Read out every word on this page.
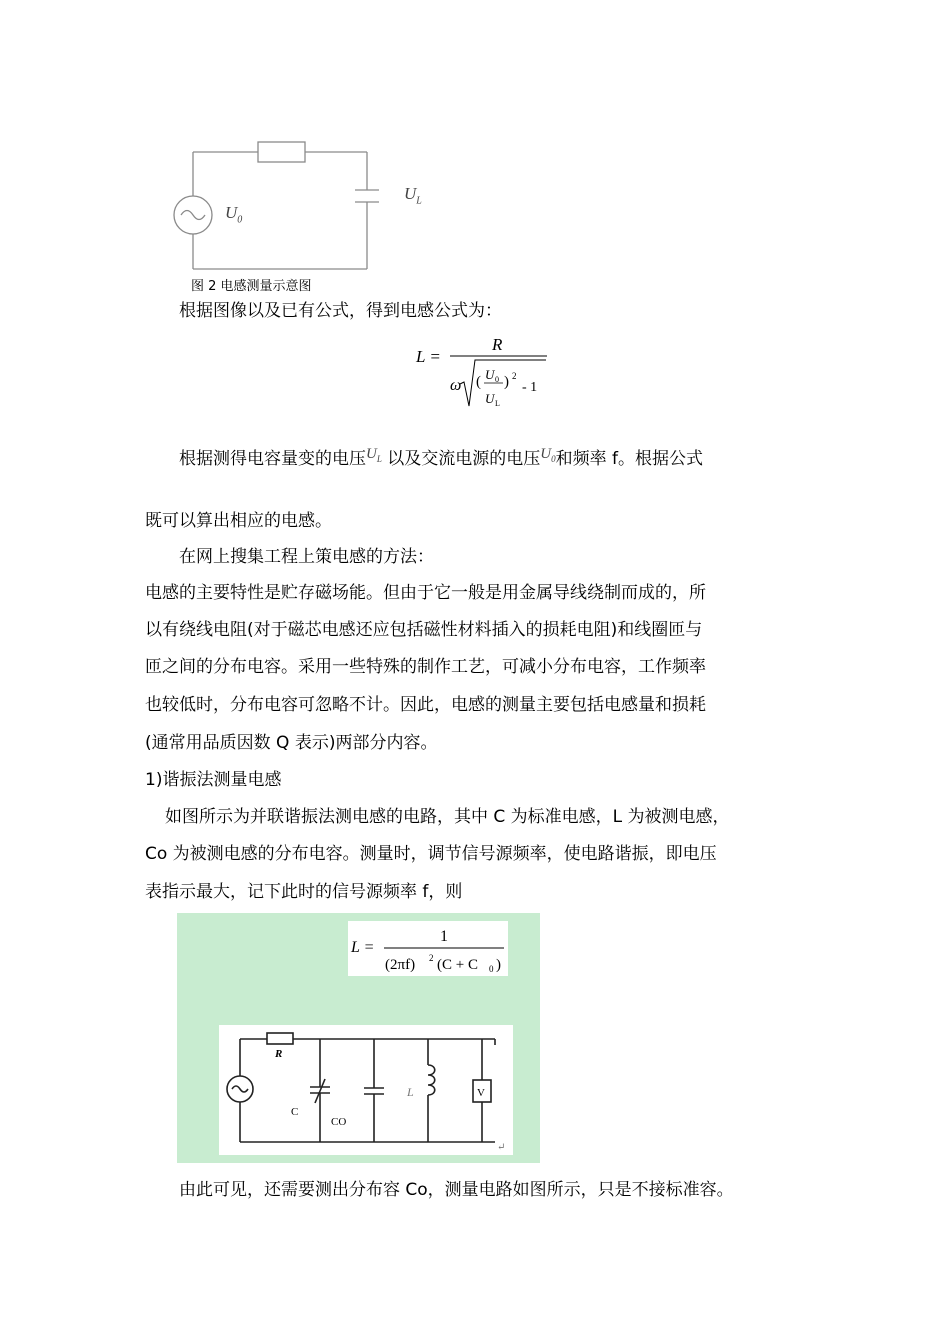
$U_0$
$U_L$
图 2 电感测量示意图
根据图像以及已有公式，得到电感公式为：
L =
R
ω ( U 0
U L
) 2
- 1
根据测得电容量变的电压$U_L$ 以及交流电源的电压$U_0$和频率 f。根据公式
既可以算出相应的电感。
在网上搜集工程上策电感的方法：
电感的主要特性是贮存磁场能。但由于它一般是用金属导线绕制而成的，所
以有绕线电阻(对于磁芯电感还应包括磁性材料插入的损耗电阻)和线圈匝与
匝之间的分布电容。采用一些特殊的制作工艺，可减小分布电容，工作频率
也较低时，分布电容可忽略不计。因此，电感的测量主要包括电感量和损耗
(通常用品质因数 Q 表示)两部分内容。
1)谐振法测量电感
如图所示为并联谐振法测电感的电路，其中 C 为标准电感，L 为被测电感，
Co 为被测电感的分布电容。测量时，调节信号源频率，使电路谐振，即电压
表指示最大，记下此时的信号源频率 f，则
L =
1
(2πf) 2 (C + C 0 )
R
C
CO
L	V
↵
由此可见，还需要测出分布容 Co，测量电路如图所示，只是不接标准容。
